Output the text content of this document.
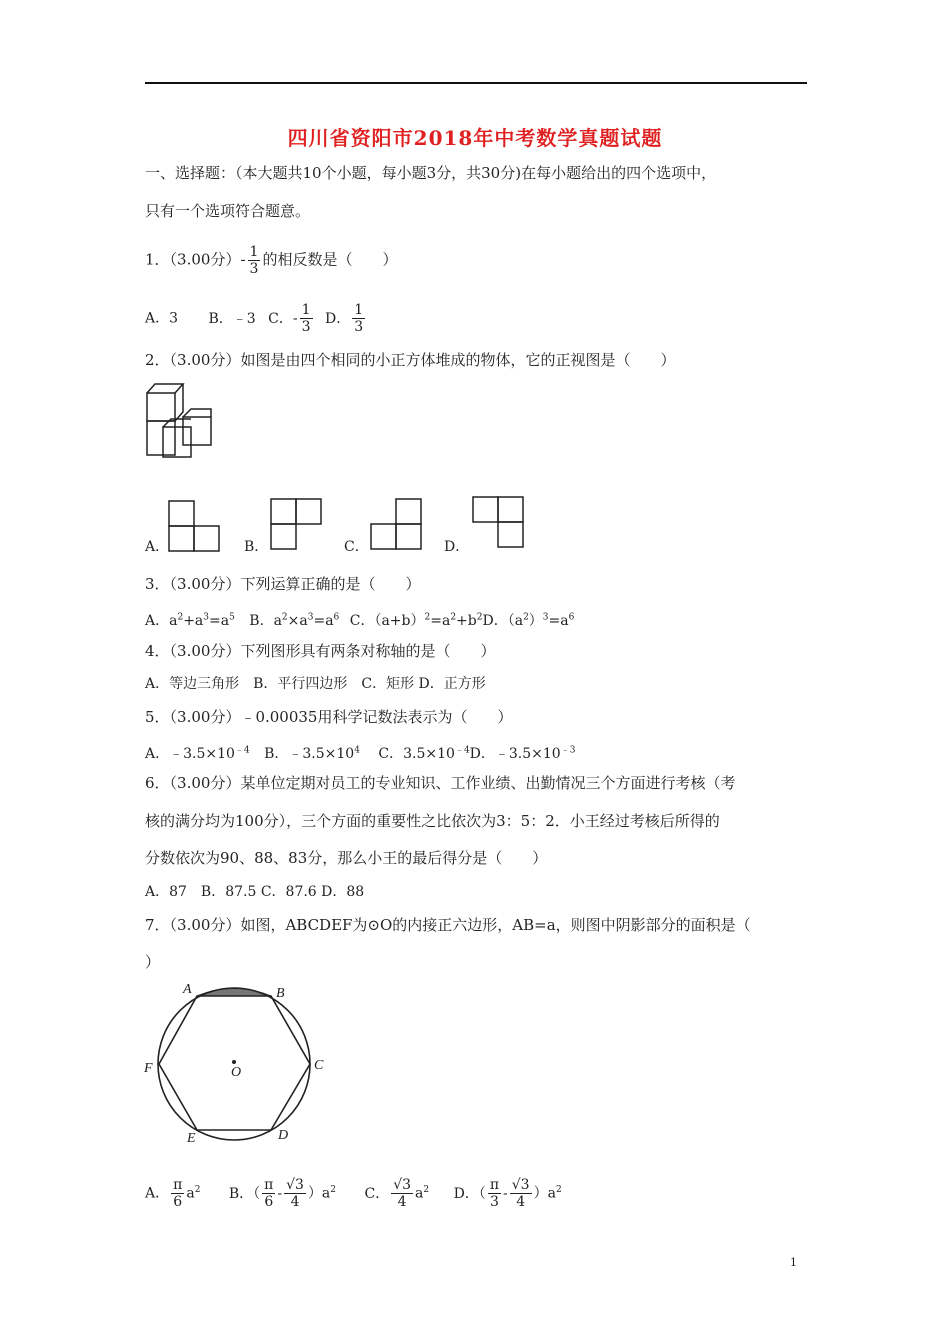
四川省资阳市2018年中考数学真题试题
一、选择题：（本大题共10个小题，每小题3分，共30分)在每小题给出的四个选项中，
只有一个选项符合题意。
1．（3.00分）- $\frac{1}{3}$ 的相反数是（　　）
A．3 B．﹣3 C．- $\frac{1}{3}$ D． $\frac{1}{3}$
2．（3.00分）如图是由四个相同的小正方体堆成的物体，它的正视图是（　　）
A．	B．	C．	D．
3．（3.00分）下列运算正确的是（　　）
A．$a^2+a^3=a^5$ B．$a^2\times a^3=a^6$ C．$(a+b)^2=a^2+b^2D$．$(a^2)^3=a^6$
4．（3.00分）下列图形具有两条对称轴的是（　　）
A．等边三角形　B．平行四边形　C．矩形 D．正方形
5．（3.00分）﹣0.00035用科学记数法表示为（　　）
A．$﹣3.5\times 10^{﹣4}$ B．$﹣3.5\times 10^4$ C．$3.5\times 10^{﹣4}D$．$﹣3.5\times 10^{﹣3}$
6．（3.00分）某单位定期对员工的专业知识、工作业绩、出勤情况三个方面进行考核（考
核的满分均为100分），三个方面的重要性之比依次为3：5：2．小王经过考核后所得的
分数依次为90、88、83分，那么小王的最后得分是（　　）
A．87　B．87.5 C．87.6 D．88
7．（3.00分）如图，ABCDEF为⊙O的内接正六边形，AB=a，则图中阴影部分的面积是（
）
A	B
C
D
E
F	O
A． $\frac{\pi}{6} a^2$ B．（ $\frac{\pi}{6} - \frac{√3}{4} )a^2$ C． $\frac{√3}{4} a^2$ D．（ $\frac{\pi}{3} - \frac{√3}{4} )a^2$
1
